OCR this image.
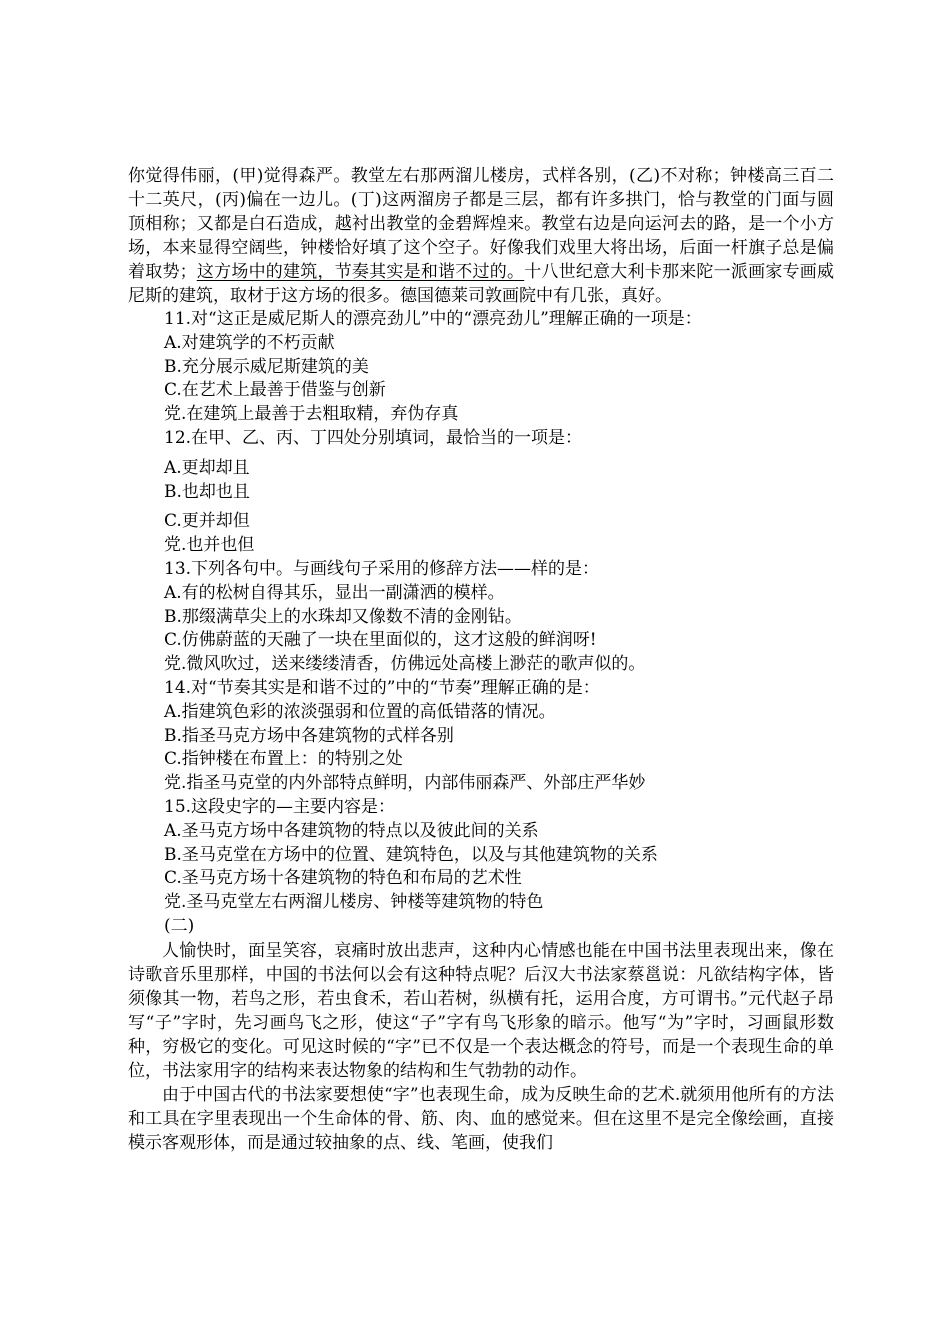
你觉得伟丽，(甲)觉得森严。教堂左右那两溜儿楼房，式样各别，(乙)不对称；钟楼高三百二十二英尺，(丙)偏在一边儿。(丁)这两溜房子都是三层，都有许多拱门，恰与教堂的门面与圆顶相称；又都是白石造成，越衬出教堂的金碧辉煌来。教堂右边是向运河去的路，是一个小方场，本来显得空阔些，钟楼恰好填了这个空子。好像我们戏里大将出场，后面一杆旗子总是偏着取势；这方场中的建筑，节奏其实是和谐不过的。十八世纪意大利卡那来陀一派画家专画威尼斯的建筑，取材于这方场的很多。德国德莱司敦画院中有几张，真好。

11.对“这正是威尼斯人的漂亮劲儿”中的“漂亮劲儿”理解正确的一项是：

A.对建筑学的不朽贡献

B.充分展示威尼斯建筑的美

C.在艺术上最善于借鉴与创新

党.在建筑上最善于去粗取精，弃伪存真

12.在甲、乙、丙、丁四处分别填词，最恰当的一项是：

A.更却却且

B.也却也且

C.更并却但

党.也并也但

13.下列各句中。与画线句子采用的修辞方法——样的是：

A.有的松树自得其乐，显出一副潇洒的模样。

B.那缀满草尖上的水珠却又像数不清的金刚钻。

C.仿佛蔚蓝的天融了一块在里面似的，这才这般的鲜润呀!

党.微风吹过，送来缕缕清香，仿佛远处高楼上渺茫的歌声似的。

14.对“节奏其实是和谐不过的”中的“节奏”理解正确的是：

A.指建筑色彩的浓淡强弱和位置的高低错落的情况。

B.指圣马克方场中各建筑物的式样各别

C.指钟楼在布置上：的特别之处

党.指圣马克堂的内外部特点鲜明，内部伟丽森严、外部庄严华妙

15.这段史字的—主要内容是：

A.圣马克方场中各建筑物的特点以及彼此间的关系

B.圣马克堂在方场中的位置、建筑特色，以及与其他建筑物的关系

C.圣马克方场十各建筑物的特色和布局的艺术性

党.圣马克堂左右两溜儿楼房、钟楼等建筑物的特色

(二)

人愉快时，面呈笑容，哀痛时放出悲声，这种内心情感也能在中国书法里表现出来，像在诗歌音乐里那样，中国的书法何以会有这种特点呢？后汉大书法家蔡邕说：凡欲结构字体，皆须像其一物，若鸟之形，若虫食禾，若山若树，纵横有托，运用合度，方可谓书。”元代赵子昂写“子”字时，先习画鸟飞之形，使这“子”字有鸟飞形象的暗示。他写“为”字时，习画鼠形数种，穷极它的变化。可见这时候的“字”已不仅是一个表达概念的符号，而是一个表现生命的单位，书法家用字的结构来表达物象的结构和生气勃勃的动作。

由于中国古代的书法家要想使“字”也表现生命，成为反映生命的艺术.就须用他所有的方法和工具在字里表现出一个生命体的骨、筋、肉、血的感觉来。但在这里不是完全像绘画，直接模示客观形体，而是通过较抽象的点、线、笔画，使我们
